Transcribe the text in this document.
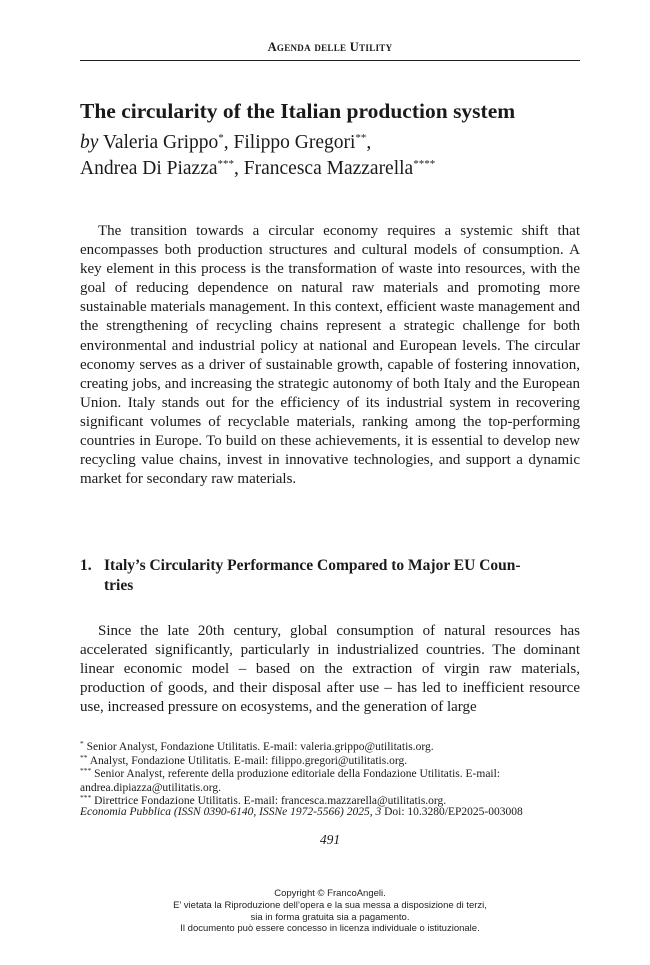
Agenda delle Utility
The circularity of the Italian production system
by Valeria Grippo*, Filippo Gregori**,
Andrea Di Piazza***, Francesca Mazzarella****

The transition towards a circular economy requires a systemic shift that encompasses both production structures and cultural models of consumption. A key element in this process is the transformation of waste into resources, with the goal of reducing dependence on natural raw materials and promoting more sustainable materials management. In this context, efficient waste management and the strengthening of recycling chains represent a strategic challenge for both environmental and industrial policy at national and European levels. The circular economy serves as a driver of sustainable growth, capable of fostering innovation, creating jobs, and increasing the strategic autonomy of both Italy and the European Union. Italy stands out for the efficiency of its industrial system in recovering significant volumes of recyclable materials, ranking among the top-performing countries in Europe. To build on these achievements, it is essential to develop new recycling value chains, invest in innovative technologies, and support a dynamic market for secondary raw materials.

1. Italy’s Circularity Performance Compared to Major EU Coun-
tries

Since the late 20th century, global consumption of natural resources has accelerated significantly, particularly in industrialized countries. The dominant linear economic model – based on the extraction of virgin raw materials, production of goods, and their disposal after use – has led to inefficient resource use, increased pressure on ecosystems, and the generation of large

* Senior Analyst, Fondazione Utilitatis. E-mail: valeria.grippo@utilitatis.org.
** Analyst, Fondazione Utilitatis. E-mail: filippo.gregori@utilitatis.org.
*** Senior Analyst, referente della produzione editoriale della Fondazione Utilitatis. E-mail: andrea.dipiazza@utilitatis.org.
*** Direttrice Fondazione Utilitatis. E-mail: francesca.mazzarella@utilitatis.org.
Economia Pubblica (ISSN 0390-6140, ISSNe 1972-5566) 2025, 3 Doi: 10.3280/EP2025-003008
491
Copyright © FrancoAngeli.
E’ vietata la Riproduzione dell’opera e la sua messa a disposizione di terzi,
sia in forma gratuita sia a pagamento.
Il documento può essere concesso in licenza individuale o istituzionale.
